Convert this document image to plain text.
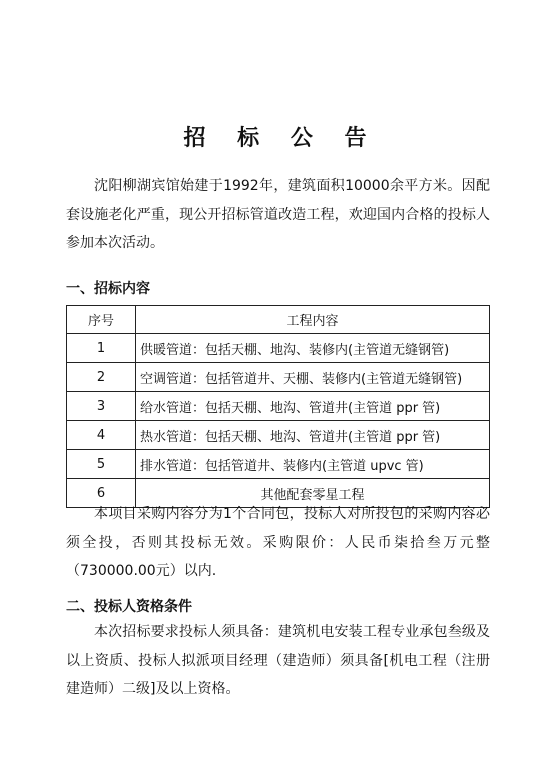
招 标 公 告

沈阳柳湖宾馆始建于1992年，建筑面积10000余平方米。因配套设施老化严重，现公开招标管道改造工程，欢迎国内合格的投标人参加本次活动。

一、招标内容

序号	工程内容
1	供暖管道：包括天棚、地沟、装修内(主管道无缝钢管)
2	空调管道：包括管道井、天棚、装修内(主管道无缝钢管)
3	给水管道：包括天棚、地沟、管道井(主管道 ppr 管)
4	热水管道：包括天棚、地沟、管道井(主管道 ppr 管)
5	排水管道：包括管道井、装修内(主管道 upvc 管)
6	其他配套零星工程

本项目采购内容分为1个合同包，投标人对所投包的采购内容必须全投，否则其投标无效。采购限价：人民币柒拾叁万元整（730000.00元）以内.

二、投标人资格条件

本次招标要求投标人须具备：建筑机电安装工程专业承包叁级及以上资质、投标人拟派项目经理（建造师）须具备[机电工程（注册建造师）二级]及以上资格。
